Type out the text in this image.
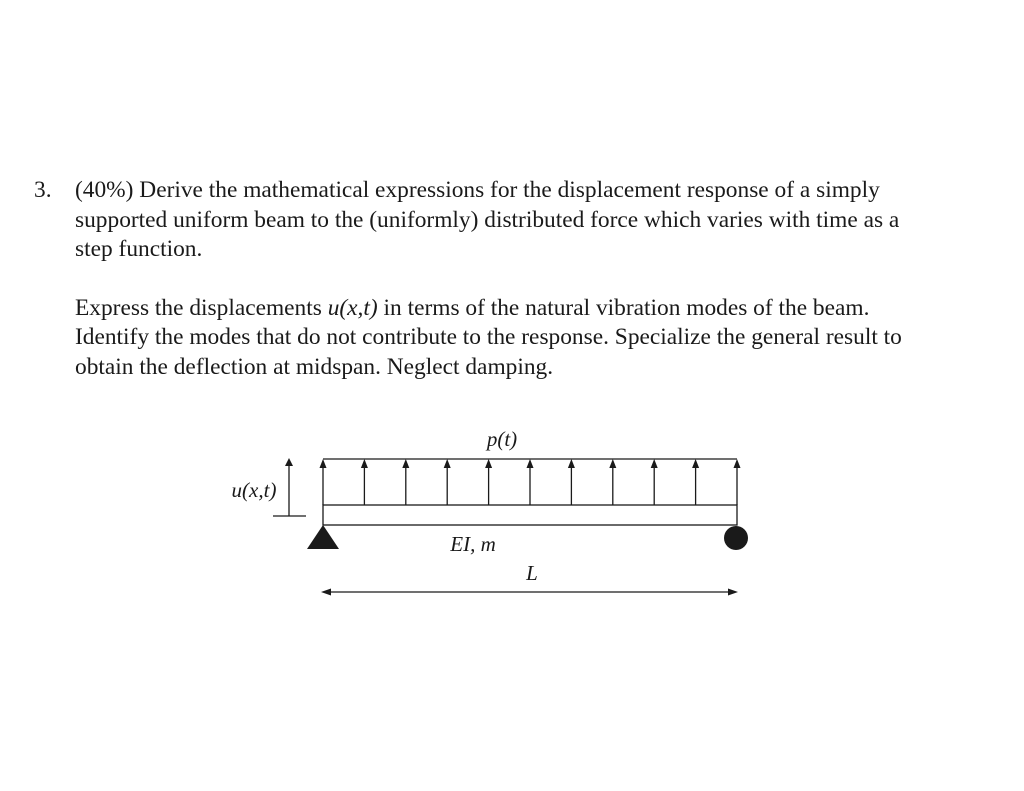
3. (40%) Derive the mathematical expressions for the displacement response of a simply
supported uniform beam to the (uniformly) distributed force which varies with time as a
step function.
Express the displacements u(x,t) in terms of the natural vibration modes of the beam.
Identify the modes that do not contribute to the response. Specialize the general result to
obtain the deflection at midspan. Neglect damping.
p(t)
EI, m
u(x,t)
L
